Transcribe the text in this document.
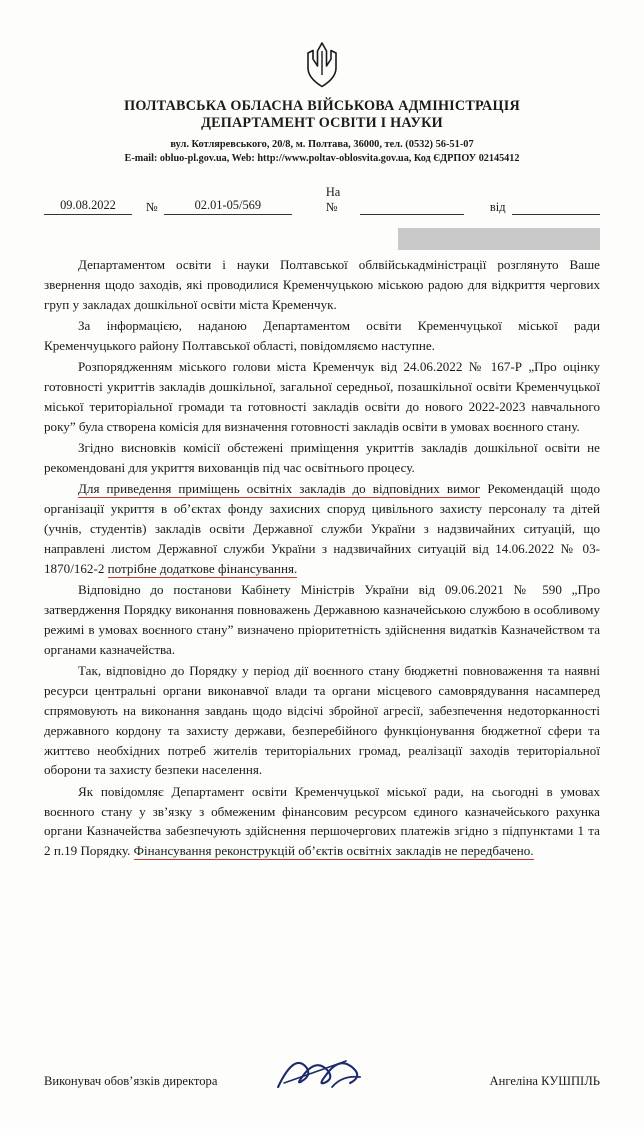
ПОЛТАВСЬКА ОБЛАСНА ВІЙСЬКОВА АДМІНІСТРАЦІЯ
ДЕПАРТАМЕНТ ОСВІТИ І НАУКИ
вул. Котляревського, 20/8, м. Полтава, 36000, тел. (0532) 56-51-07
E-mail: obluo-pl.gov.ua, Web: http://www.poltav-oblosvita.gov.ua, Код ЄДРПОУ 02145412
09.08.2022	№	02.01-05/569
На №	від

Департаментом освіти і науки Полтавської облвійськадміністрації розглянуто Ваше звернення щодо заходів, які проводилися Кременчуцькою міською радою для відкриття чергових груп у закладах дошкільної освіти міста Кременчук.

За інформацією, наданою Департаментом освіти Кременчуцької міської ради Кременчуцького району Полтавської області, повідомляємо наступне.

Розпорядженням міського голови міста Кременчук від 24.06.2022 № 167-Р „Про оцінку готовності укриттів закладів дошкільної, загальної середньої, позашкільної освіти Кременчуцької міської територіальної громади та готовності закладів освіти до нового 2022-2023 навчального року” була створена комісія для визначення готовності закладів освіти в умовах воєнного стану.

Згідно висновків комісії обстежені приміщення укриттів закладів дошкільної освіти не рекомендовані для укриття вихованців під час освітнього процесу.

Для приведення приміщень освітніх закладів до відповідних вимог Рекомендацій щодо організації укриття в об’єктах фонду захисних споруд цивільного захисту персоналу та дітей (учнів, студентів) закладів освіти Державної служби України з надзвичайних ситуацій, що направлені листом Державної служби України з надзвичайних ситуацій від 14.06.2022 № 03-1870/162-2 потрібне додаткове фінансування.

Відповідно до постанови Кабінету Міністрів України від 09.06.2021 № 590 „Про затвердження Порядку виконання повноважень Державною казначейською службою в особливому режимі в умовах воєнного стану” визначено пріоритетність здійснення видатків Казначейством та органами казначейства.

Так, відповідно до Порядку у період дії воєнного стану бюджетні повноваження та наявні ресурси центральні органи виконавчої влади та органи місцевого самоврядування насамперед спрямовують на виконання завдань щодо відсічі збройної агресії, забезпечення недоторканності державного кордону та захисту держави, безперебійного функціонування бюджетної сфери та життєво необхідних потреб жителів територіальних громад, реалізації заходів територіальної оборони та захисту безпеки населення.

Як повідомляє Департамент освіти Кременчуцької міської ради, на сьогодні в умовах воєнного стану у зв’язку з обмеженим фінансовим ресурсом єдиного казначейського рахунка органи Казначейства забезпечують здійснення першочергових платежів згідно з підпунктами 1 та 2 п.19 Порядку. Фінансування реконструкцій об’єктів освітніх закладів не передбачено.

Виконувач обов’язків директора	Ангеліна КУШПІЛЬ
